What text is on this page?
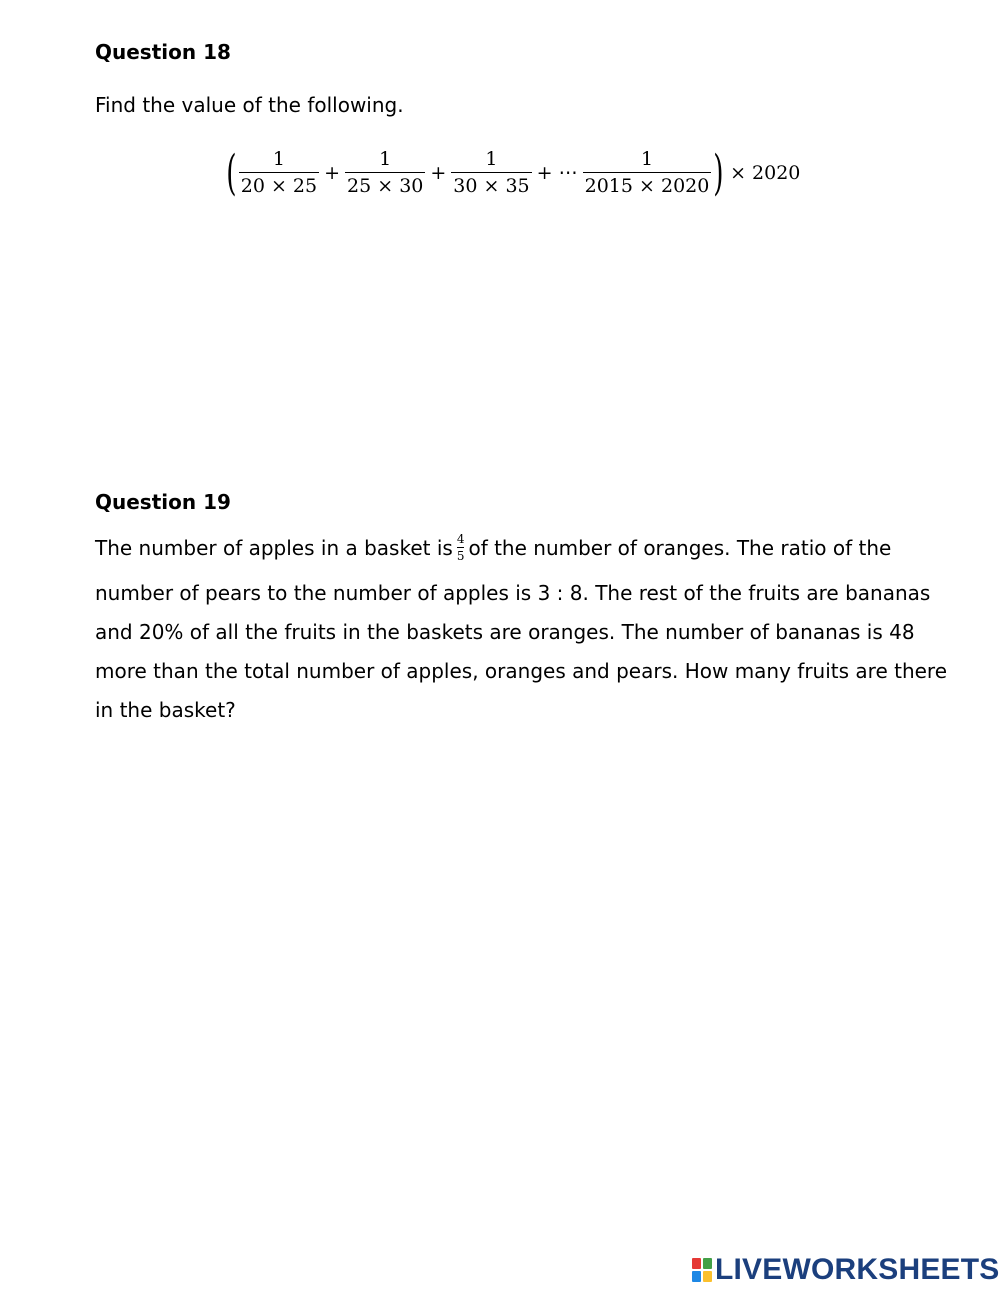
Question 18

Find the value of the following.

( $\frac{1}{20 \times 25} + \frac{1}{25 \times 30} + \frac{1}{30 \times 35}$ + ⋯ $\frac{1}{2015 \times 2020}$ ) × 2020
Question 19

The number of apples in a basket is $\frac{4}{5}$ of the number of oranges. The ratio of the

number of pears to the number of apples is 3 : 8. The rest of the fruits are bananas

and 20% of all the fruits in the baskets are oranges. The number of bananas is 48

more than the total number of apples, oranges and pears. How many fruits are there

in the basket?

LIVEWORKSHEETS
